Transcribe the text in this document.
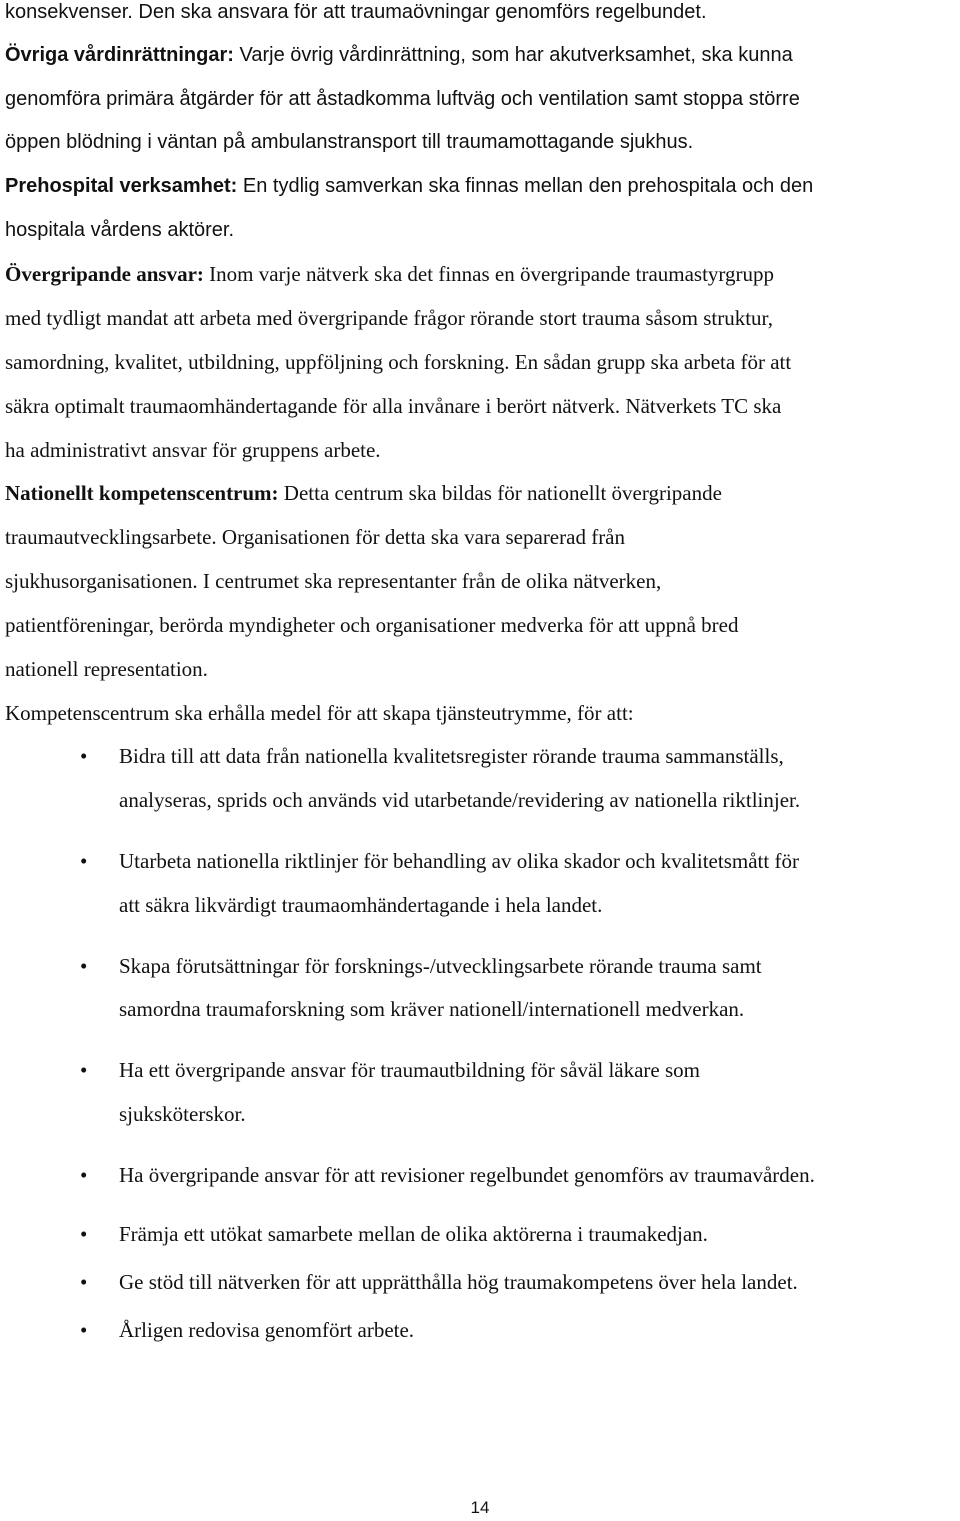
konsekvenser. Den ska ansvara för att traumaövningar genomförs regelbundet.
Övriga vårdinrättningar: Varje övrig vårdinrättning, som har akutverksamhet, ska kunna
genomföra primära åtgärder för att åstadkomma luftväg och ventilation samt stoppa större
öppen blödning i väntan på ambulanstransport till traumamottagande sjukhus.
Prehospital verksamhet: En tydlig samverkan ska finnas mellan den prehospitala och den
hospitala vårdens aktörer.
Övergripande ansvar: Inom varje nätverk ska det finnas en övergripande traumastyrgrupp
med tydligt mandat att arbeta med övergripande frågor rörande stort trauma såsom struktur,
samordning, kvalitet, utbildning, uppföljning och forskning. En sådan grupp ska arbeta för att
säkra optimalt traumaomhändertagande för alla invånare i berört nätverk. Nätverkets TC ska
ha administrativt ansvar för gruppens arbete.
Nationellt kompetenscentrum: Detta centrum ska bildas för nationellt övergripande
traumautvecklingsarbete. Organisationen för detta ska vara separerad från
sjukhusorganisationen. I centrumet ska representanter från de olika nätverken,
patientföreningar, berörda myndigheter och organisationer medverka för att uppnå bred
nationell representation.
Kompetenscentrum ska erhålla medel för att skapa tjänsteutrymme, för att:
• Bidra till att data från nationella kvalitetsregister rörande trauma sammanställs,
analyseras, sprids och används vid utarbetande/revidering av nationella riktlinjer.
• Utarbeta nationella riktlinjer för behandling av olika skador och kvalitetsmått för
att säkra likvärdigt traumaomhändertagande i hela landet.
• Skapa förutsättningar för forsknings-/utvecklingsarbete rörande trauma samt
samordna traumaforskning som kräver nationell/internationell medverkan.
• Ha ett övergripande ansvar för traumautbildning för såväl läkare som
sjuksköterskor.
• Ha övergripande ansvar för att revisioner regelbundet genomförs av traumavården.
• Främja ett utökat samarbete mellan de olika aktörerna i traumakedjan.
• Ge stöd till nätverken för att upprätthålla hög traumakompetens över hela landet.
• Årligen redovisa genomfört arbete.
14
